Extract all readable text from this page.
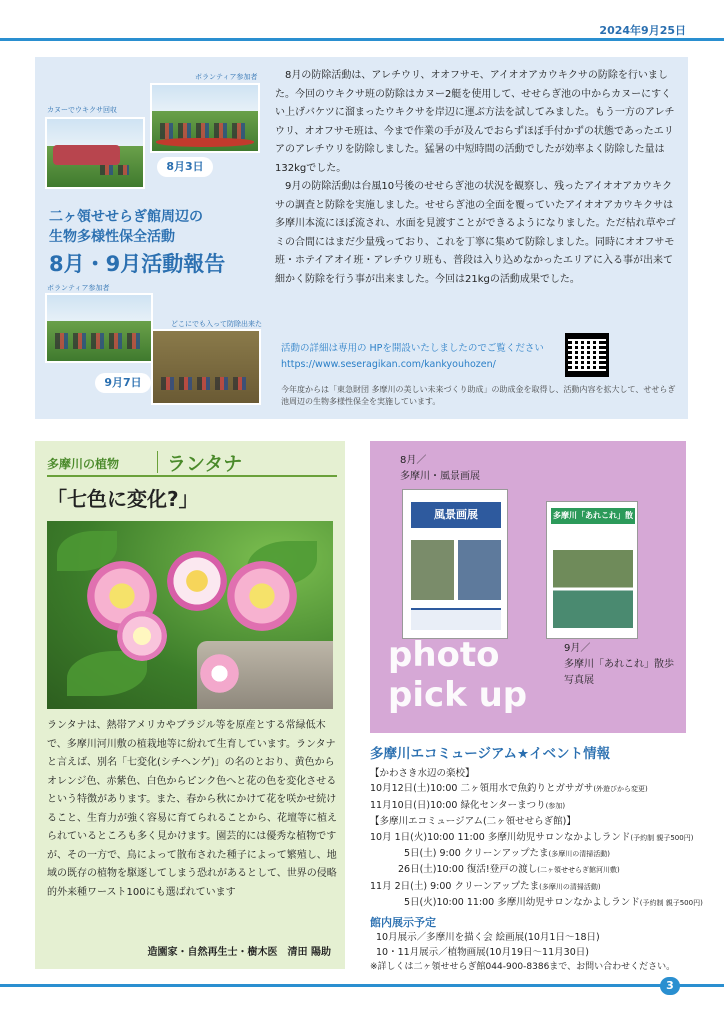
2024年9月25日
カヌーでウキクサ回収
ボランティア参加者
8月3日
二ヶ領せせらぎ館周辺の
生物多様性保全活動
8月・9月活動報告
ボランティア参加者
どこにでも入って防除出来た
9月7日

8月の防除活動は、アレチウリ、オオフサモ、アイオオアカウキクサの防除を行いました。今回のウキクサ班の防除はカヌー2艇を使用して、せせらぎ池の中からカヌーにすくい上げバケツに溜まったウキクサを岸辺に運ぶ方法を試してみました。もう一方のアレチウリ、オオフサモ班は、今まで作業の手が及んでおらずほぼ手付かずの状態であったエリアのアレチウリを防除しました。猛暑の中短時間の活動でしたが効率よく防除した量は132kgでした。

9月の防除活動は台風10号後のせせらぎ池の状況を観察し、残ったアイオオアカウキクサの調査と防除を実施しました。せせらぎ池の全面を覆っていたアイオオアカウキクサは多摩川本流にほぼ流され、水面を見渡すことができるようになりました。ただ枯れ草やゴミの合間にはまだ少量残っており、これを丁寧に集めて防除しました。同時にオオフサモ班・ホテイアオイ班・アレチウリ班も、普段は入り込めなかったエリアに入る事が出来て細かく防除を行う事が出来ました。今回は21kgの活動成果でした。

活動の詳細は専用の HPを開設いたしましたのでご覧ください
https://www.seseragikan.com/kankyouhozen/
今年度からは「東急財団 多摩川の美しい未来づくり助成」の助成金を取得し、活動内容を拡大して、せせらぎ池周辺の生物多様性保全を実施しています。
多摩川の植物	ランタナ
「七色に変化?」
ランタナは、熱帯アメリカやブラジル等を原産とする常緑低木で、多摩川河川敷の植栽地等に紛れて生育しています。ランタナと言えば、別名「七変化(シチヘンゲ)」の名のとおり、黄色からオレンジ色、赤紫色、白色からピンク色へと花の色を変化させるという特徴があります。また、春から秋にかけて花を咲かせ続けること、生育力が強く容易に育てられることから、花壇等に植えられているところも多く見かけます。園芸的には優秀な植物ですが、その一方で、鳥によって散布された種子によって繁殖し、地域の既存の植物を駆逐してしまう恐れがあるとして、世界の侵略的外来種ワースト100にも選ばれています
造園家・自然再生士・樹木医　清田 陽助
8月／
多摩川・風景画展
風景画展	多摩川「あれこれ」散歩
photo
pick up
9月／
多摩川「あれこれ」散歩
写真展
多摩川エコミュージアム★イベント情報
【かわさき水辺の楽校】
10月12日(土)10:00 二ヶ領用水で魚釣りとガサガサ(外遊びから変更)
11月10日(日)10:00 緑化センターまつり(参加)
【多摩川エコミュージアム(二ヶ領せせらぎ館)】
10月 1日(火)10:00 11:00 多摩川幼児サロンなかよしランド(予約制 親子500円)
5日(土) 9:00 クリーンアップたま(多摩川の清掃活動)
26日(土)10:00 復活!登戸の渡し(二ヶ領せせらぎ館河川敷)
11月 2日(土) 9:00 クリーンアップたま(多摩川の清掃活動)
5日(火)10:00 11:00 多摩川幼児サロンなかよしランド(予約制 親子500円)
館内展示予定
10月展示／多摩川を描く会 絵画展(10月1日～18日)
10・11月展示／植物画展(10月19日～11月30日)
※詳しくは二ヶ領せせらぎ館044-900-8386まで、お問い合わせください。
3
